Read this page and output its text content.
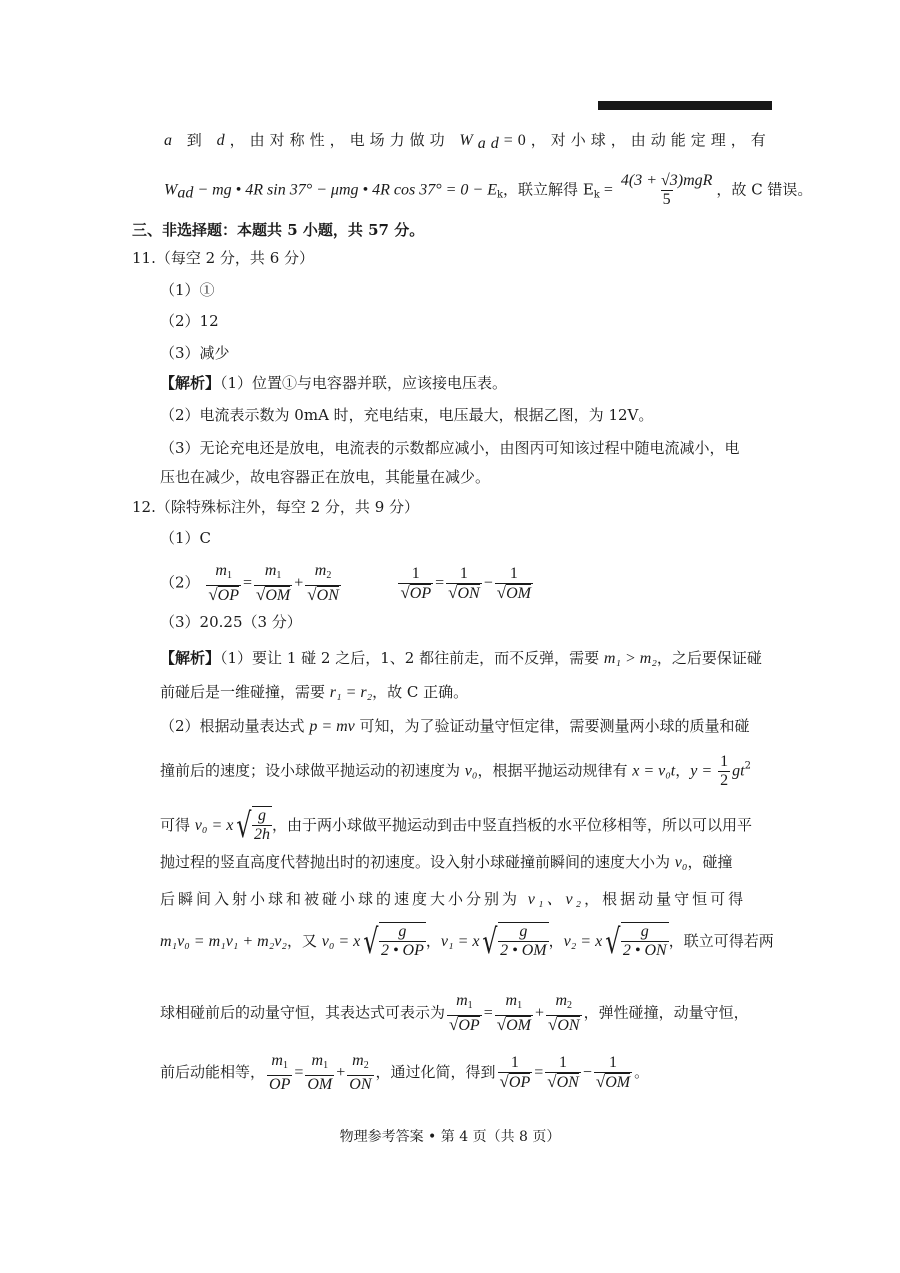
a 到 d，由对称性，电场力做功 $W_{ad}=0$，对小球，由动能定理，有
$W_{ad}$ − mg • 4R sin 37° − μmg • 4R $\cos 37^\circ = 0 - E_k$，联立解得 $E_k = \frac{\text{4(3 + √3)mgR}}{5}$ ，故 C 错误。
三、非选择题：本题共 5 小题，共 57 分。
11.（每空 2 分，共 6 分）
（1）①
（2）12
（3）减少
【解析】（1）位置①与电容器并联，应该接电压表。
（2）电流表示数为 0mA 时，充电结束，电压最大，根据乙图，为 12V。
（3）无论充电还是放电，电流表的示数都应减小，由图丙可知该过程中随电流减小，电
压也在减少，故电容器正在放电，其能量在减少。
12.（除特殊标注外，每空 2 分，共 9 分）
（1）C
$(2) \frac{m_1}{√ OP} = \frac{m_1}{√ OM} + \frac{m_2}{√ ON}$
	$\frac{1}{√ OP} = \frac{1}{√ ON} - \frac{1}{√ OM}$
（3）20.25（3 分）
【解析】（1）要让 1 碰 2 之后，1、2 都往前走，而不反弹，需要 m₁ > m₂，之后要保证碰
前碰后是一维碰撞，需要 r₁ = r₂，故 C 正确。
（2）根据动量表达式 p = mv 可知，为了验证动量守恒定律，需要测量两小球的质量和碰
撞前后的速度；设小球做平抛运动的初速度为 v₀，根据平抛运动规律有 x = v₀t，$y = \frac{1}{2} gt^2$
可得 v₀ = x √ $\frac{g}{2h}$ ，由于两小球做平抛运动到击中竖直挡板的水平位移相等，所以可以用平
抛过程的竖直高度代替抛出时的初速度。设入射小球碰撞前瞬间的速度大小为 v₀，碰撞
后瞬间入射小球和被碰小球的速度大小分别为 v₁、v₂，根据动量守恒可得
m₁v₀ = m₁v₁ + m₂v₂，又 v₀ = x √ $\frac{g}{2 • OP}$ ，v₁ = x √ $\frac{g}{2 • OM}$ ，v₂ = x √ $\frac{g}{2 • ON}$ ，联立可得若两
球相碰前后的动量守恒，其表达式可表示为 $\frac{m_1}{√ OP} = \frac{m_1}{√ OM} + \frac{m_2}{√ ON}$ ，弹性碰撞，动量守恒，
前后动能相等， $\frac{m_1}{OP} = \frac{m_1}{OM} + \frac{m_2}{ON}$ ，通过化简，得到 $\frac{1}{√ OP} = \frac{1}{√ ON} - \frac{1}{√ OM}$ 。
物理参考答案 • 第 4 页（共 8 页）
